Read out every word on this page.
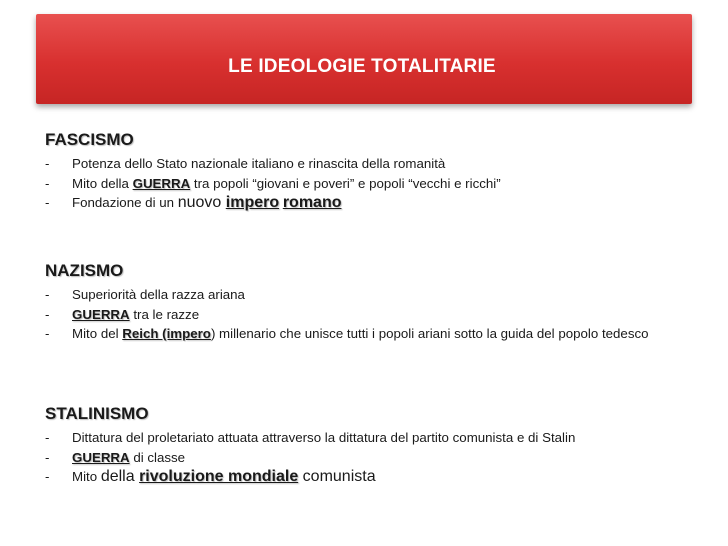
LE IDEOLOGIE TOTALITARIE
FASCISMO
- Potenza dello Stato nazionale italiano e rinascita della romanità
- Mito della GUERRA tra popoli “giovani e poveri” e popoli “vecchi e ricchi”
- Fondazione di un nuovo impero romano
NAZISMO
- Superiorità della razza ariana
- GUERRA tra le razze
- Mito del Reich (impero) millenario che unisce tutti i popoli ariani sotto la guida del popolo tedesco
STALINISMO
- Dittatura del proletariato attuata attraverso la dittatura del partito comunista e di Stalin
- GUERRA di classe
- Mito della rivoluzione mondiale comunista
